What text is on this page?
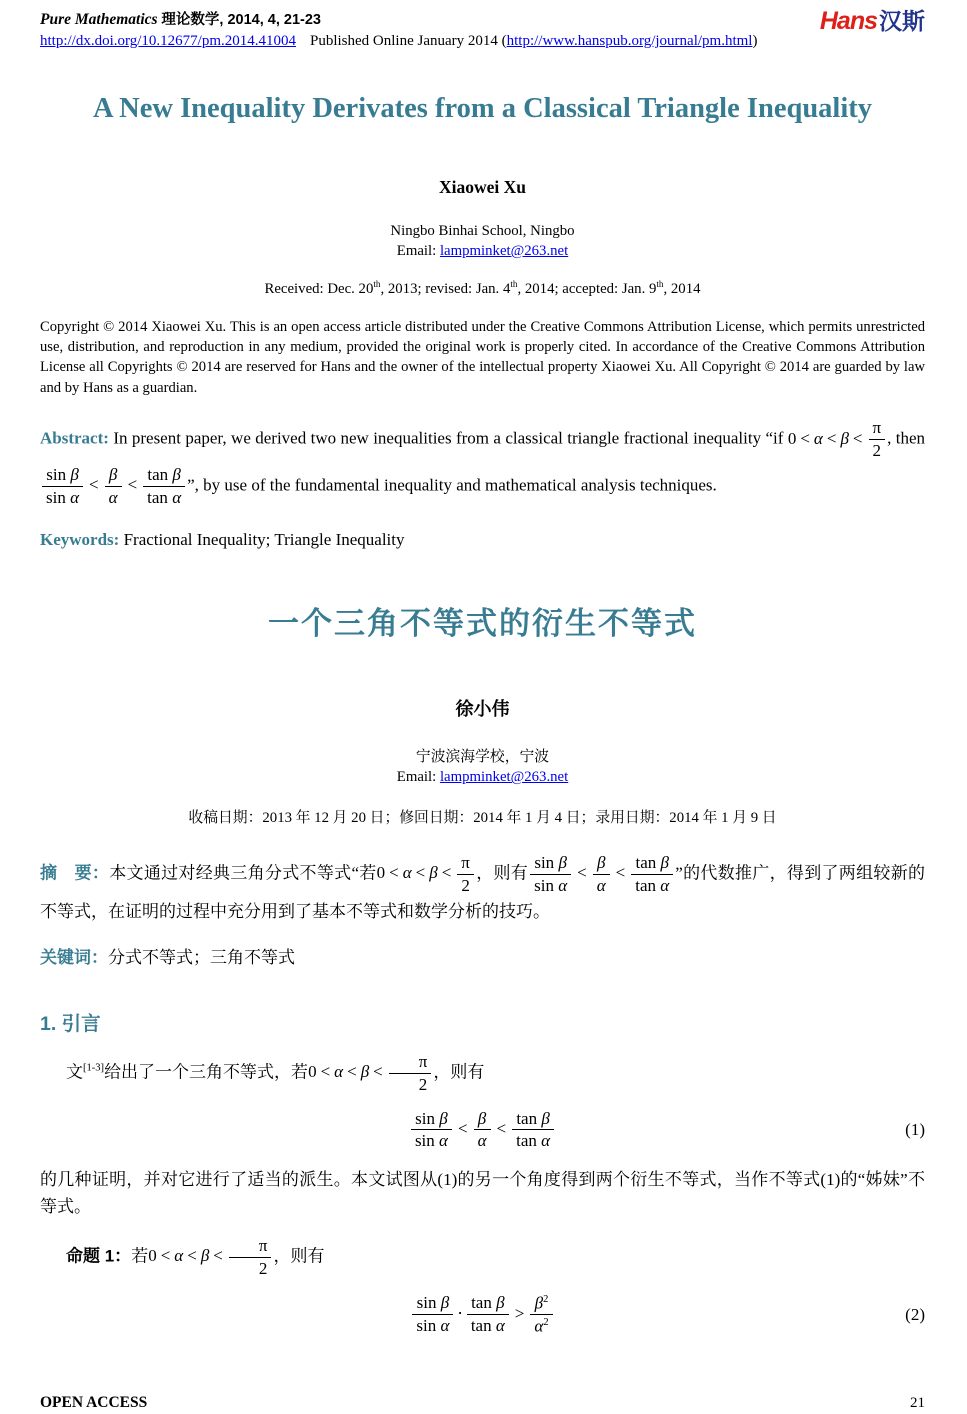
Pure Mathematics 理论数学, 2014, 4, 21-23
http://dx.doi.org/10.12677/pm.2014.41004 Published Online January 2014 (http://www.hanspub.org/journal/pm.html)
Hans汉斯
A New Inequality Derivates from a Classical Triangle Inequality
Xiaowei Xu
Ningbo Binhai School, Ningbo
Email: lampminket@263.net
Received: Dec. 20th, 2013; revised: Jan. 4th, 2014; accepted: Jan. 9th, 2014

Copyright © 2014 Xiaowei Xu. This is an open access article distributed under the Creative Commons Attribution License, which permits unrestricted use, distribution, and reproduction in any medium, provided the original work is properly cited. In accordance of the Creative Commons Attribution License all Copyrights © 2014 are reserved for Hans and the owner of the intellectual property Xiaowei Xu. All Copyright © 2014 are guarded by law and by Hans as a guardian.

Abstract: In present paper, we derived two new inequalities from a classical triangle fractional inequality “if $0 < \alpha < \beta < \frac{\pi}{2}$ , then
$\frac{\text{sin β}}{\text{sin α}} < \frac{\beta}{\alpha} < \frac{\text{tan β}}{\text{tan α}}$ ”, by use of the fundamental inequality and mathematical analysis techniques.

Keywords: Fractional Inequality; Triangle Inequality

一个三角不等式的衍生不等式
徐小伟
宁波滨海学校，宁波
Email: lampminket@263.net
收稿日期：2013 年 12 月 20 日；修回日期：2014 年 1 月 4 日；录用日期：2014 年 1 月 9 日

摘　要：本文通过对经典三角分式不等式“若$0 < \alpha < \beta < \frac{\pi}{2}$ ，则有 $\frac{\text{sin β}}{\text{sin α}} < \frac{\beta}{\alpha} < \frac{\text{tan β}}{\text{tan α}}$ ”的代数推广，得到了两组较新的不等式，在证明的过程中充分用到了基本不等式和数学分析的技巧。

关键词：分式不等式；三角不等式

1. 引言

文[1-3]给出了一个三角不等式，若$0 < \alpha < \beta < \frac{\pi}{2}$ ，则有

$\frac{\text{sin β}}{\text{sin α}} < \frac{\beta}{\alpha} < \frac{\text{tan β}}{\text{tan α}}$	(1)

的几种证明，并对它进行了适当的派生。本文试图从(1)的另一个角度得到两个衍生不等式，当作不等式(1)的“姊妹”不等式。

命题 1：若$0 < \alpha < \beta < \frac{\pi}{2}$ ，则有

$\frac{\text{sin β}}{\text{sin α}} \cdot \frac{\text{tan β}}{\text{tan α}} > \frac{\beta^2}{\alpha^2}$	(2)
OPEN ACCESS	21
